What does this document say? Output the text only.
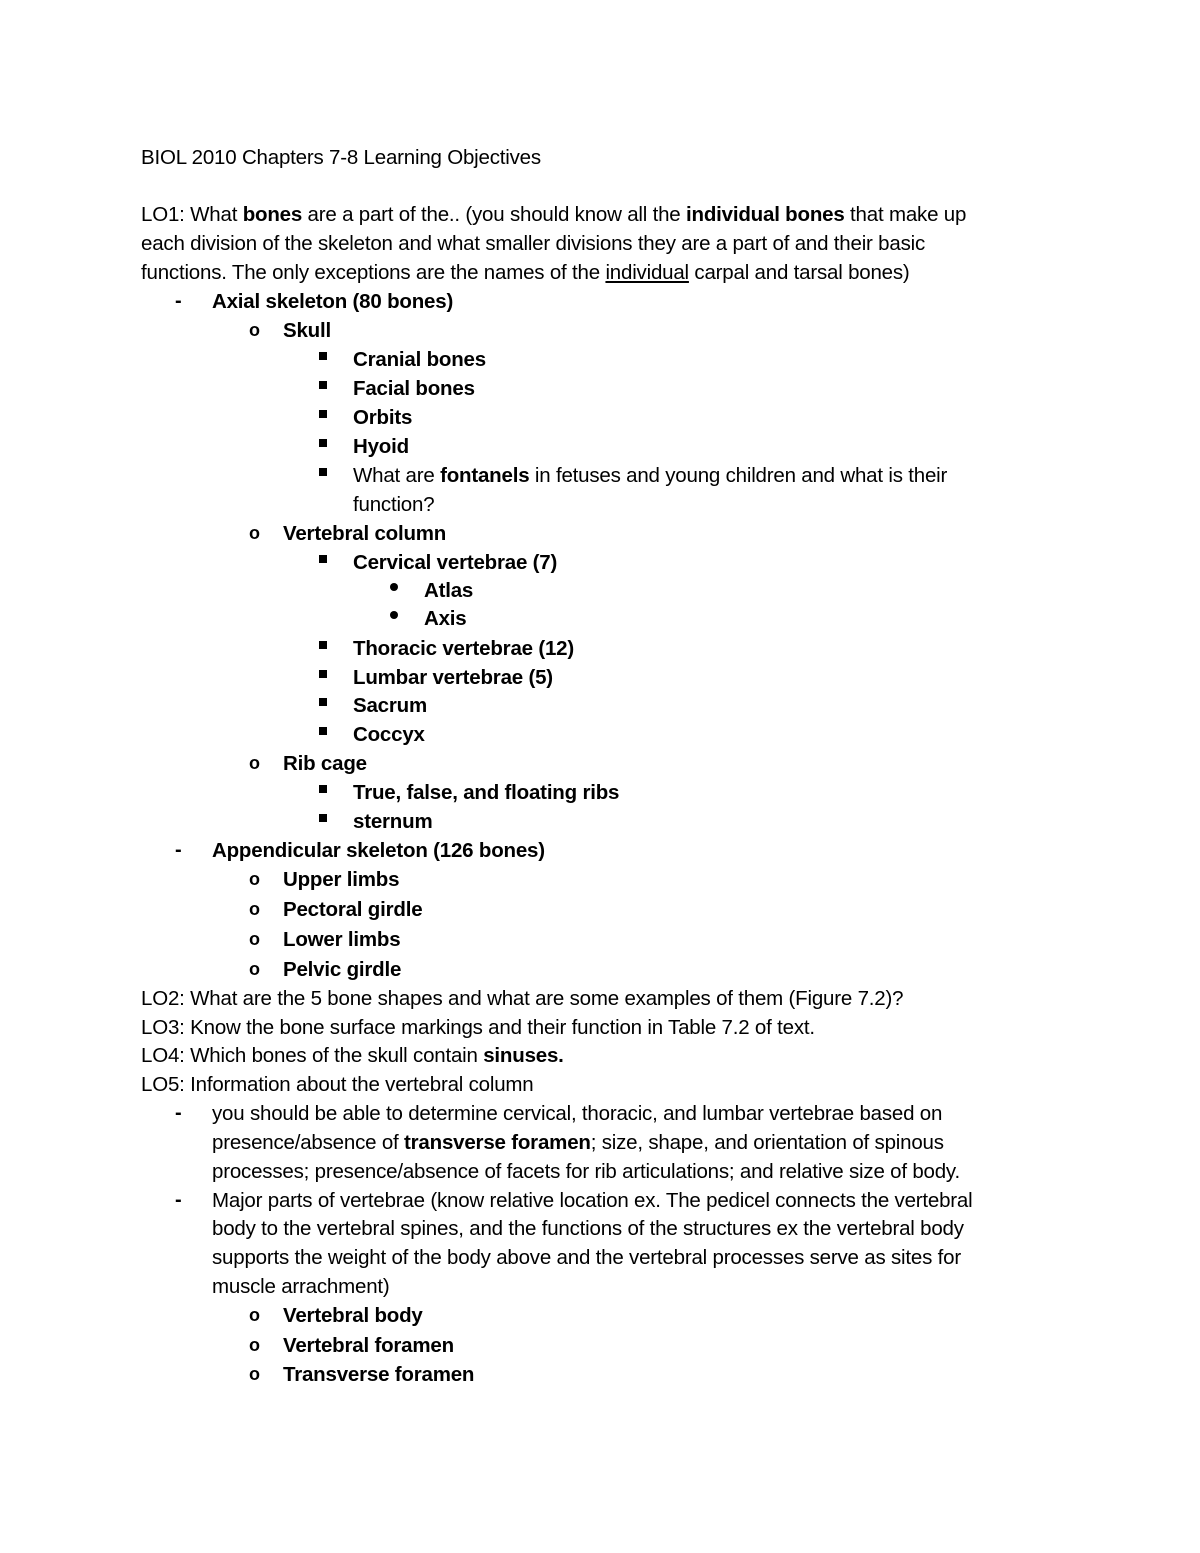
BIOL 2010 Chapters 7-8 Learning Objectives
LO1: What bones are a part of the.. (you should know all the individual bones that make up
each division of the skeleton and what smaller divisions they are a part of and their basic
functions. The only exceptions are the names of the individual carpal and tarsal bones)
- Axial skeleton (80 bones)
o Skull
Cranial bones
Facial bones
Orbits
Hyoid
What are fontanels in fetuses and young children and what is their
function?
o Vertebral column
Cervical vertebrae (7)
Atlas
Axis
Thoracic vertebrae (12)
Lumbar vertebrae (5)
Sacrum
Coccyx
o Rib cage
True, false, and floating ribs
sternum
- Appendicular skeleton (126 bones)
o Upper limbs
o Pectoral girdle
o Lower limbs
o Pelvic girdle
LO2: What are the 5 bone shapes and what are some examples of them (Figure 7.2)?
LO3: Know the bone surface markings and their function in Table 7.2 of text.
LO4: Which bones of the skull contain sinuses.
LO5: Information about the vertebral column
- you should be able to determine cervical, thoracic, and lumbar vertebrae based on
presence/absence of transverse foramen; size, shape, and orientation of spinous
processes; presence/absence of facets for rib articulations; and relative size of body.
- Major parts of vertebrae (know relative location ex. The pedicel connects the vertebral
body to the vertebral spines, and the functions of the structures ex the vertebral body
supports the weight of the body above and the vertebral processes serve as sites for
muscle arrachment)
o Vertebral body
o Vertebral foramen
o Transverse foramen
